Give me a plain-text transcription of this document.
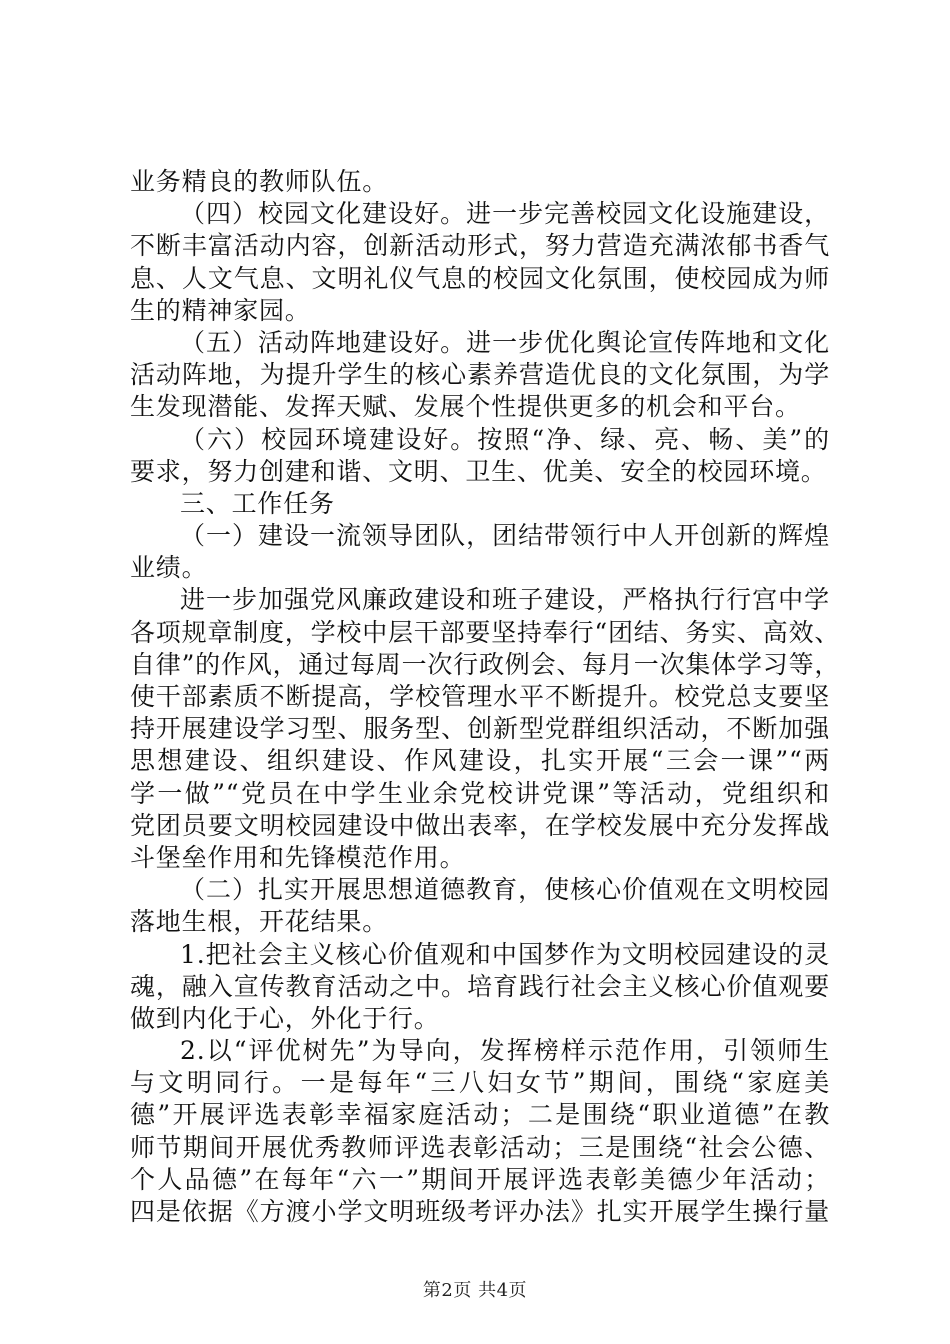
业务精良的教师队伍。
（四）校园文化建设好。进一步完善校园文化设施建设，
不断丰富活动内容，创新活动形式，努力营造充满浓郁书香气
息、人文气息、文明礼仪气息的校园文化氛围，使校园成为师
生的精神家园。
（五）活动阵地建设好。进一步优化舆论宣传阵地和文化
活动阵地，为提升学生的核心素养营造优良的文化氛围，为学
生发现潜能、发挥天赋、发展个性提供更多的机会和平台。
（六）校园环境建设好。按照“净、绿、亮、畅、美”的
要求，努力创建和谐、文明、卫生、优美、安全的校园环境。
三、工作任务
（一）建设一流领导团队，团结带领行中人开创新的辉煌
业绩。
进一步加强党风廉政建设和班子建设，严格执行行宫中学
各项规章制度，学校中层干部要坚持奉行“团结、务实、高效、
自律”的作风，通过每周一次行政例会、每月一次集体学习等，
使干部素质不断提高，学校管理水平不断提升。校党总支要坚
持开展建设学习型、服务型、创新型党群组织活动，不断加强
思想建设、组织建设、作风建设，扎实开展“三会一课”“两
学一做”“党员在中学生业余党校讲党课”等活动，党组织和
党团员要文明校园建设中做出表率，在学校发展中充分发挥战
斗堡垒作用和先锋模范作用。
（二）扎实开展思想道德教育，使核心价值观在文明校园
落地生根，开花结果。
1.把社会主义核心价值观和中国梦作为文明校园建设的灵
魂，融入宣传教育活动之中。培育践行社会主义核心价值观要
做到内化于心，外化于行。
2.以“评优树先”为导向，发挥榜样示范作用，引领师生
与文明同行。一是每年“三八妇女节”期间，围绕“家庭美
德”开展评选表彰幸福家庭活动；二是围绕“职业道德”在教
师节期间开展优秀教师评选表彰活动；三是围绕“社会公德、
个人品德”在每年“六一”期间开展评选表彰美德少年活动；
四是依据《方渡小学文明班级考评办法》扎实开展学生操行量
第2页 共4页
